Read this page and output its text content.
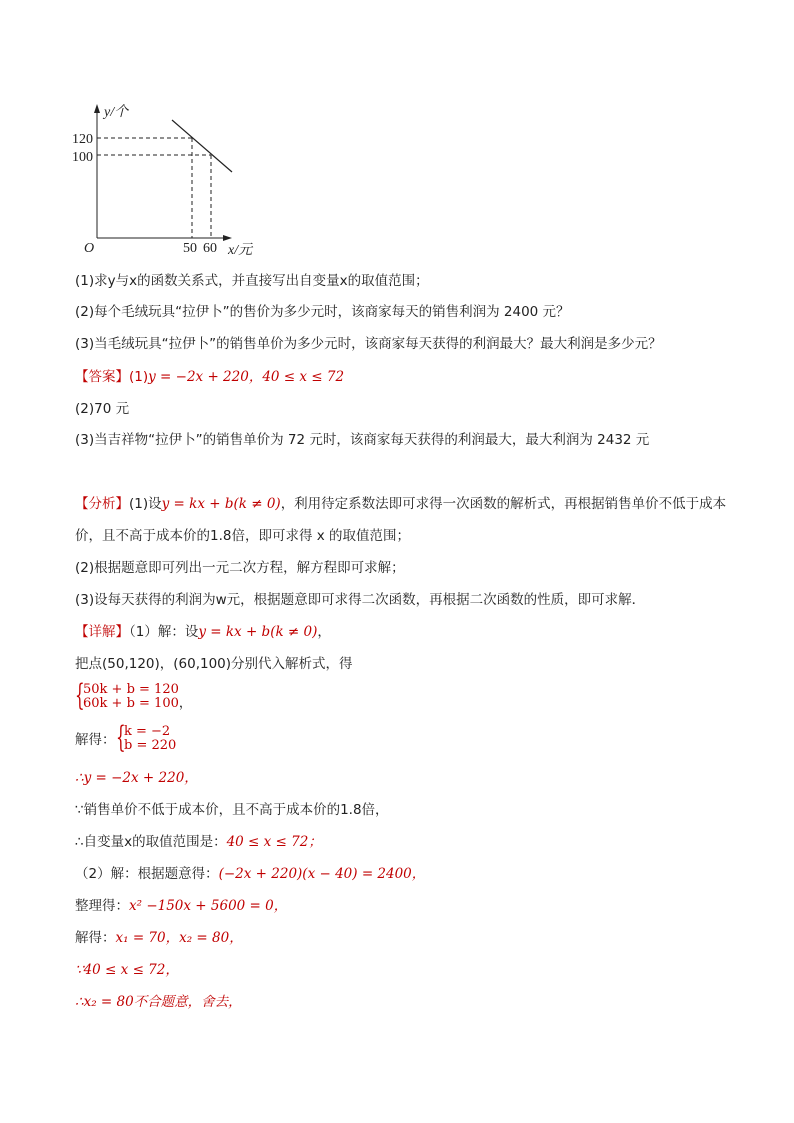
y/个
120
100
O	50 60 x/元
(1)求y与x的函数关系式，并直接写出自变量x的取值范围；
(2)每个毛绒玩具“拉伊卜”的售价为多少元时，该商家每天的销售利润为 2400 元？
(3)当毛绒玩具“拉伊卜”的销售单价为多少元时，该商家每天获得的利润最大？最大利润是多少元？
【答案】(1)y = −2x + 220，40 ≤ x ≤ 72
(2)70 元
(3)当吉祥物“拉伊卜”的销售单价为 72 元时，该商家每天获得的利润最大，最大利润为 2432 元
【分析】(1)设y = kx + b(k ≠ 0)，利用待定系数法即可求得一次函数的解析式，再根据销售单价不低于成本
价，且不高于成本价的1.8倍，即可求得 x 的取值范围；
(2)根据题意即可列出一元二次方程，解方程即可求解；
(3)设每天获得的利润为w元，根据题意即可求得二次函数，再根据二次函数的性质，即可求解．
【详解】（1）解：设y = kx + b(k ≠ 0)，
把点(50,120)，(60,100)分别代入解析式，得
{
50k + b = 120
60k + b = 100，
解得： {
k = −2
b = 220
∴y = −2x + 220，
∵销售单价不低于成本价，且不高于成本价的1.8倍，
∴自变量x的取值范围是：40 ≤ x ≤ 72；
（2）解：根据题意得：(−2x + 220)(x − 40) = 2400，
整理得：x² −150x + 5600 = 0，
解得：x₁ = 70，x₂ = 80，
∵40 ≤ x ≤ 72，
∴x₂ = 80不合题意，舍去，
